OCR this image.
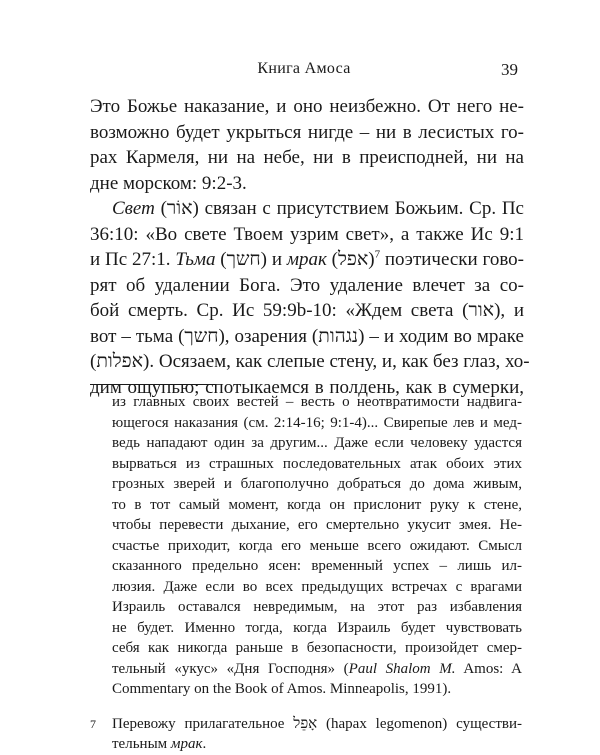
Книга Амоса	39

Это Божье наказание, и оно неизбежно. От него не-
возможно будет укрыться нигде – ни в лесистых го-
рах Кармеля, ни на небе, ни в преисподней, ни на
дне морском: 9:2-3.

Свет (אוֹר) связан с присутствием Божьим. Ср. Пс
36:10: «Во свете Твоем узрим свет», а также Ис 9:1
и Пс 27:1. Тьма (חשך) и мрак (אפל)$^7$ поэтически гово-
рят об удалении Бога. Это удаление влечет за со-
бой смерть. Ср. Ис 59:9b-10: «Ждем света (אור), и
вот – тьма (חשך), озарения (נגהות) – и ходим во мраке
(אפלות). Осязаем, как слепые стену, и, как без глаз, хо-
дим ощупью; спотыкаемся в полдень, как в сумерки,

из главных своих вестей – весть о неотвратимости надвига-
ющегося наказания (см. 2:14-16; 9:1-4)... Свирепые лев и мед-
ведь нападают один за другим... Даже если человеку удастся
вырваться из страшных последовательных атак обоих этих
грозных зверей и благополучно добраться до дома живым,
то в тот самый момент, когда он прислонит руку к стене,
чтобы перевести дыхание, его смертельно укусит змея. Не-
счастье приходит, когда его меньше всего ожидают. Смысл
сказанного предельно ясен: временный успех – лишь ил-
люзия. Даже если во всех предыдущих встречах с врагами
Израиль оставался невредимым, на этот раз избавления
не будет. Именно тогда, когда Израиль будет чувствовать
себя как никогда раньше в безопасности, произойдет смер-
тельный «укус» «Дня Господня» (Paul Shalom M. Amos: A
Commentary on the Book of Amos. Minneapolis, 1991).
7 Перевожу прилагательное אָפֵל (hapax legomenon) существи-
тельным мрак.
